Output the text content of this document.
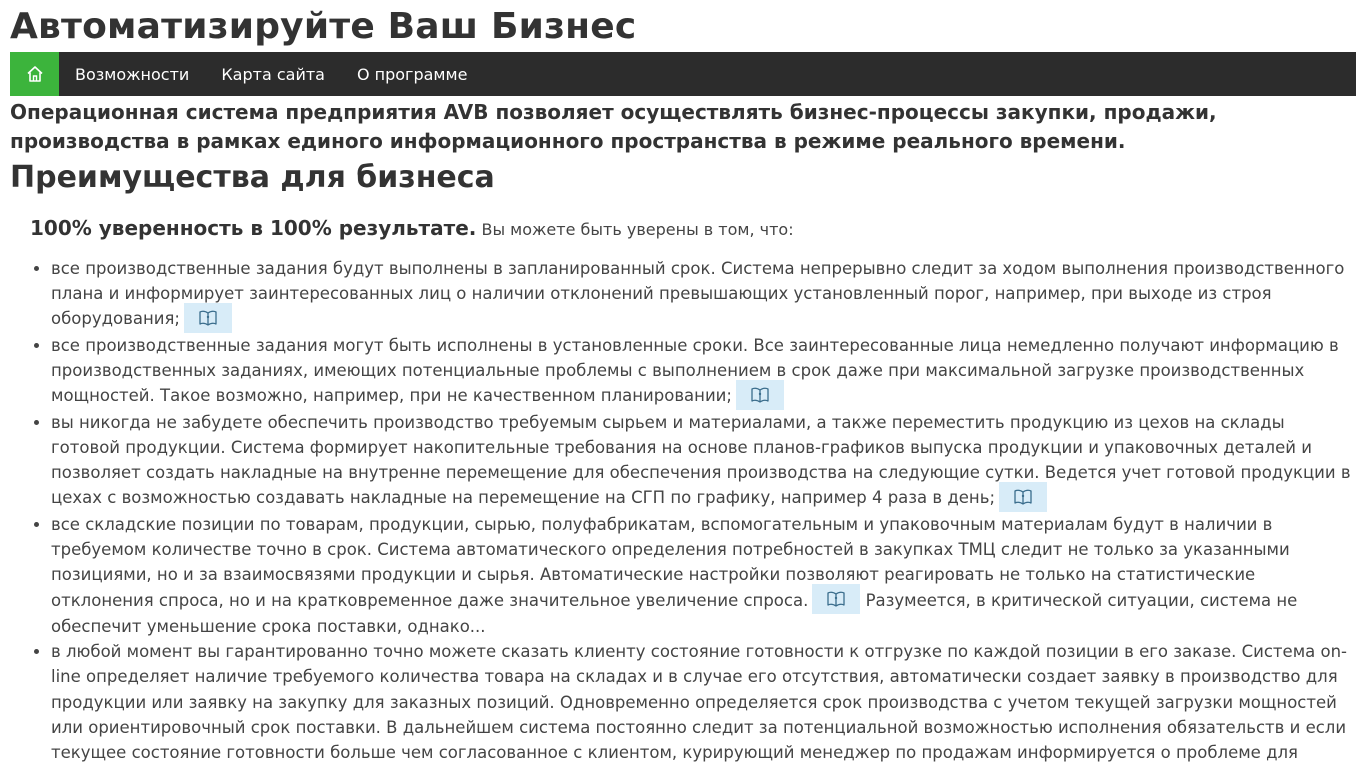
Автоматизируйте Ваш Бизнес
Возможности	Карта сайта	О программе

Операционная система предприятия AVB позволяет осуществлять бизнес-процессы закупки, продажи, производства в рамках единого информационного пространства в режиме реального времени.

Преимущества для бизнеса

100% уверенность в 100% результате. Вы можете быть уверены в том, что:

• все производственные задания будут выполнены в запланированный срок. Система непрерывно следит за ходом выполнения производственного плана и информирует заинтересованных лиц о наличии отклонений превышающих установленный порог, например, при выходе из строя оборудования;
• все производственные задания могут быть исполнены в установленные сроки. Все заинтересованные лица немедленно получают информацию в производственных заданиях, имеющих потенциальные проблемы с выполнением в срок даже при максимальной загрузке производственных мощностей. Такое возможно, например, при не качественном планировании;
• вы никогда не забудете обеспечить производство требуемым сырьем и материалами, а также переместить продукцию из цехов на склады готовой продукции. Система формирует накопительные требования на основе планов-графиков выпуска продукции и упаковочных деталей и позволяет создать накладные на внутренне перемещение для обеспечения производства на следующие сутки. Ведется учет готовой продукции в цехах с возможностью создавать накладные на перемещение на СГП по графику, например 4 раза в день;
• все складские позиции по товарам, продукции, сырью, полуфабрикатам, вспомогательным и упаковочным материалам будут в наличии в требуемом количестве точно в срок. Система автоматического определения потребностей в закупках ТМЦ следит не только за указанными позициями, но и за взаимосвязями продукции и сырья. Автоматические настройки позволяют реагировать не только на статистические отклонения спроса, но и на кратковременное даже значительное увеличение спроса.	Разумеется, в критической ситуации, система не обеспечит уменьшение срока поставки, однако...
• в любой момент вы гарантированно точно можете сказать клиенту состояние готовности к отгрузке по каждой позиции в его заказе. Система on-line определяет наличие требуемого количества товара на складах и в случае его отсутствия, автоматически создает заявку в производство для продукции или заявку на закупку для заказных позиций. Одновременно определяется срок производства с учетом текущей загрузки мощностей или ориентировочный срок поставки. В дальнейшем система постоянно следит за потенциальной возможностью исполнения обязательств и если текущее состояние готовности больше чем согласованное с клиентом, курирующий менеджер по продажам информируется о проблеме для
